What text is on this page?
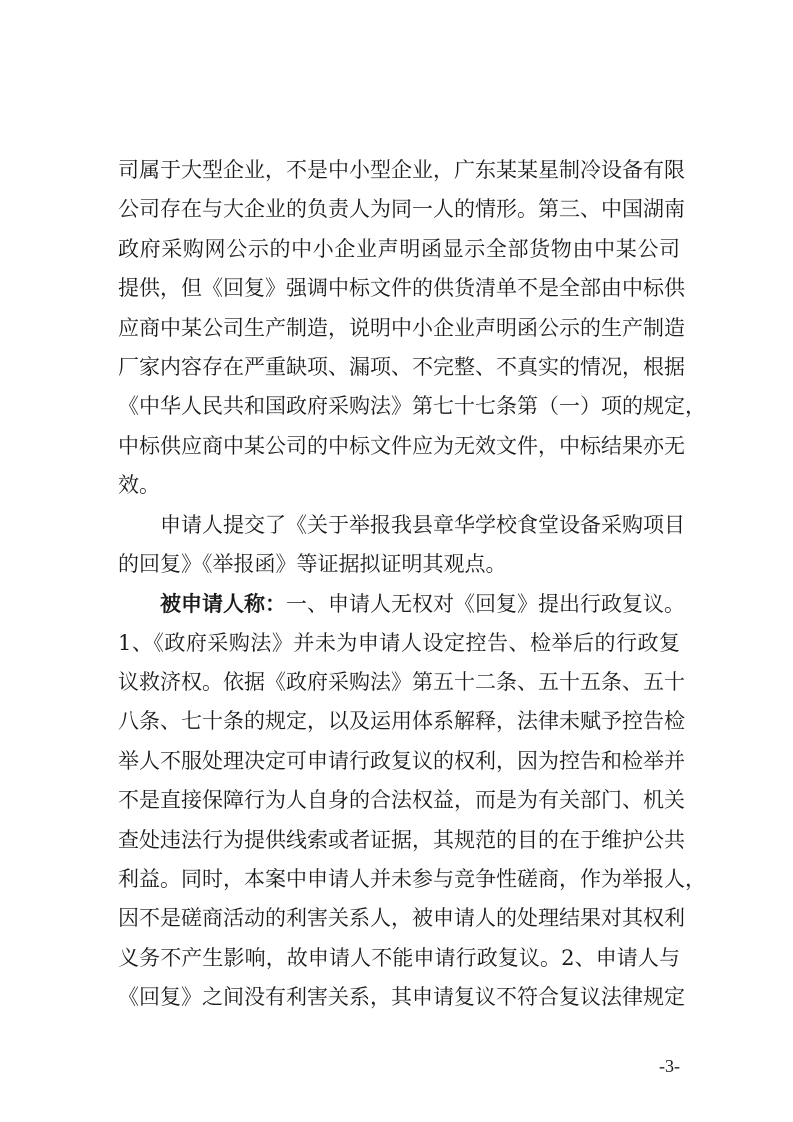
司属于大型企业，不是中小型企业，广东某某星制冷设备有限
公司存在与大企业的负责人为同一人的情形。第三、中国湖南
政府采购网公示的中小企业声明函显示全部货物由中某公司
提供，但《回复》强调中标文件的供货清单不是全部由中标供
应商中某公司生产制造，说明中小企业声明函公示的生产制造
厂家内容存在严重缺项、漏项、不完整、不真实的情况，根据
《中华人民共和国政府采购法》第七十七条第（一）项的规定，
中标供应商中某公司的中标文件应为无效文件，中标结果亦无
效。
　　申请人提交了《关于举报我县章华学校食堂设备采购项目
的回复》《举报函》等证据拟证明其观点。
被申请人称：一、申请人无权对《回复》提出行政复议。
1、《政府采购法》并未为申请人设定控告、检举后的行政复
议救济权。依据《政府采购法》第五十二条、五十五条、五十
八条、七十条的规定，以及运用体系解释，法律未赋予控告检
举人不服处理决定可申请行政复议的权利，因为控告和检举并
不是直接保障行为人自身的合法权益，而是为有关部门、机关
查处违法行为提供线索或者证据，其规范的目的在于维护公共
利益。同时，本案中申请人并未参与竞争性磋商，作为举报人，
因不是磋商活动的利害关系人，被申请人的处理结果对其权利
义务不产生影响，故申请人不能申请行政复议。2、申请人与
《回复》之间没有利害关系，其申请复议不符合复议法律规定
-3-
